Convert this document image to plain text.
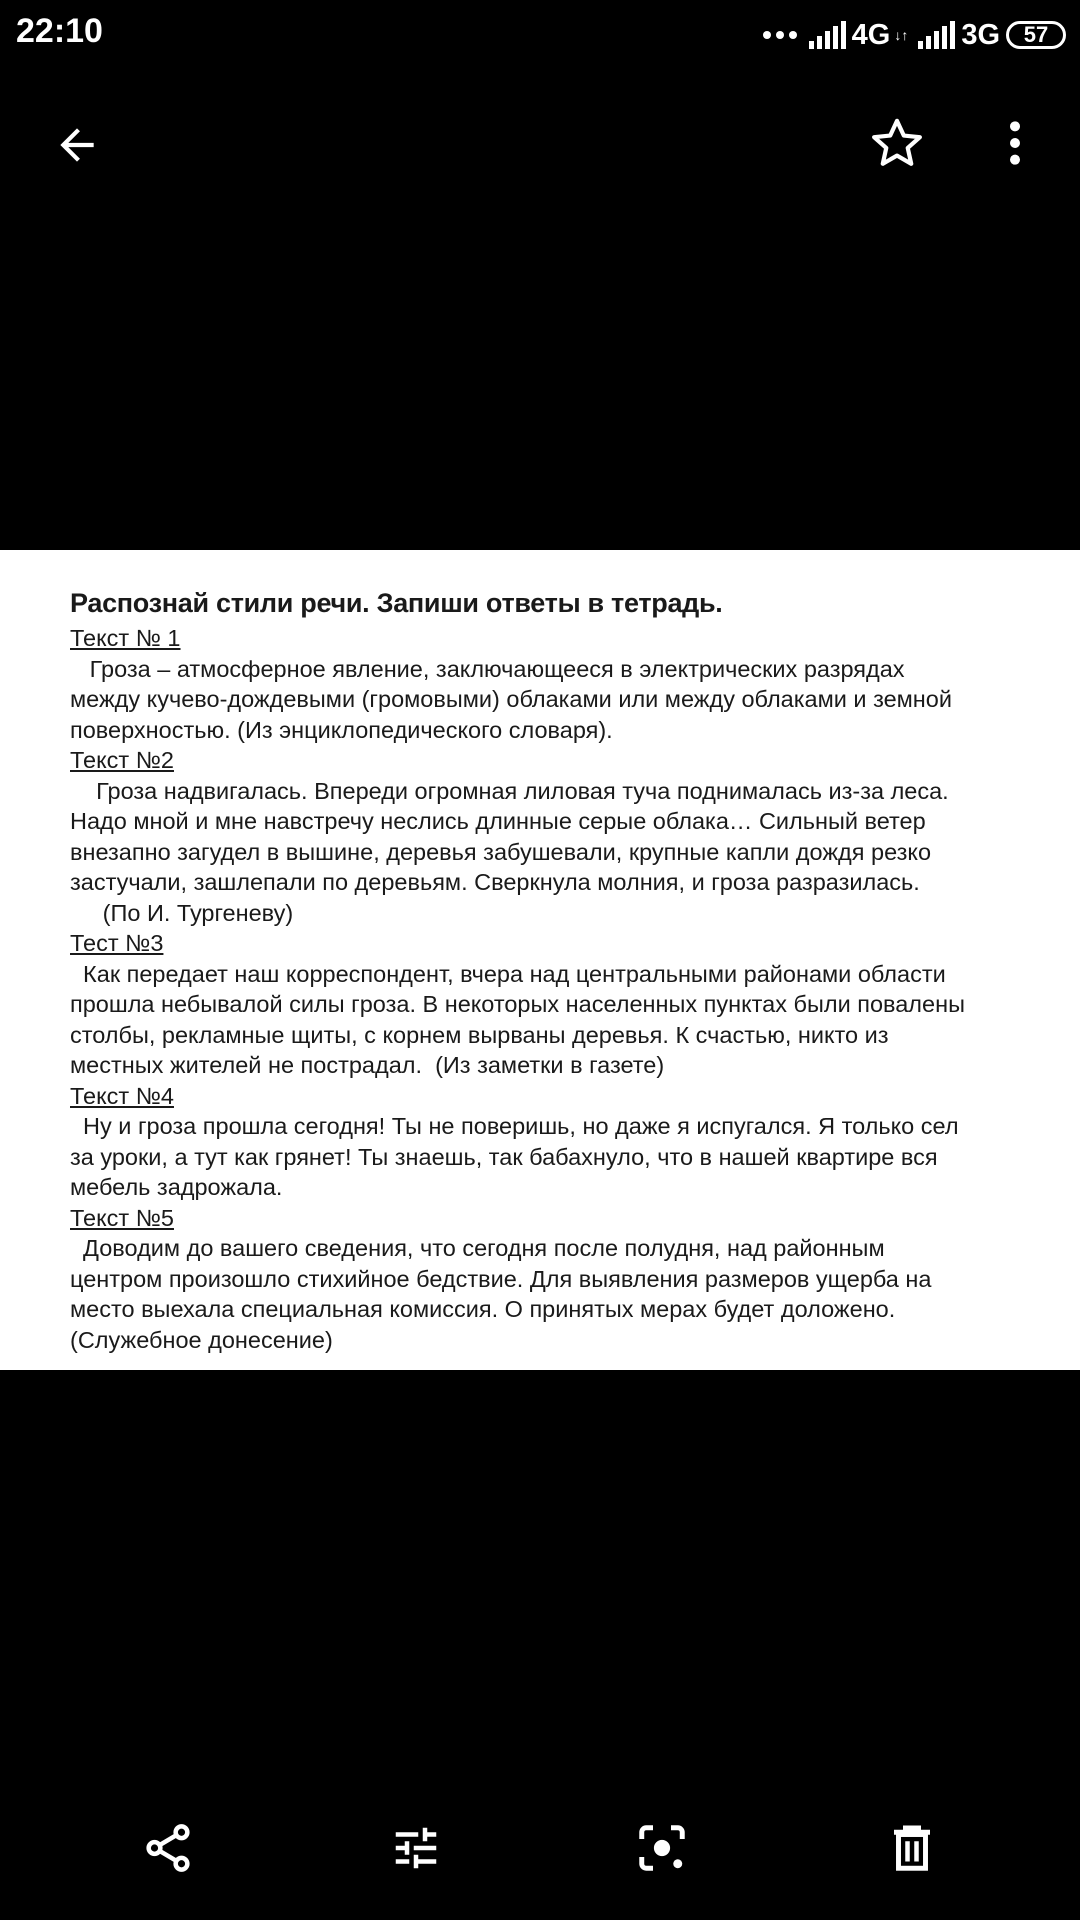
22:10	4G ↓↑ 3G 57
Распознай стили речи. Запиши ответы в тетрадь.
Текст № 1
Гроза – атмосферное явление, заключающееся в электрических разрядах
между кучево-дождевыми (громовыми) облаками или между облаками и земной
поверхностью. (Из энциклопедического словаря).
Текст №2
Гроза надвигалась. Впереди огромная лиловая туча поднималась из-за леса.
Надо мной и мне навстречу неслись длинные серые облака… Сильный ветер
внезапно загудел в вышине, деревья забушевали, крупные капли дождя резко
застучали, зашлепали по деревьям. Сверкнула молния, и гроза разразилась.
(По И. Тургеневу)
Тест №3
Как передает наш корреспондент, вчера над центральными районами области
прошла небывалой силы гроза. В некоторых населенных пунктах были повалены
столбы, рекламные щиты, с корнем вырваны деревья. К счастью, никто из
местных жителей не пострадал.  (Из заметки в газете)
Текст №4
Ну и гроза прошла сегодня! Ты не поверишь, но даже я испугался. Я только сел
за уроки, а тут как грянет! Ты знаешь, так бабахнуло, что в нашей квартире вся
мебель задрожала.
Текст №5
Доводим до вашего сведения, что сегодня после полудня, над районным
центром произошло стихийное бедствие. Для выявления размеров ущерба на
место выехала специальная комиссия. О принятых мерах будет доложено.
(Служебное донесение)
